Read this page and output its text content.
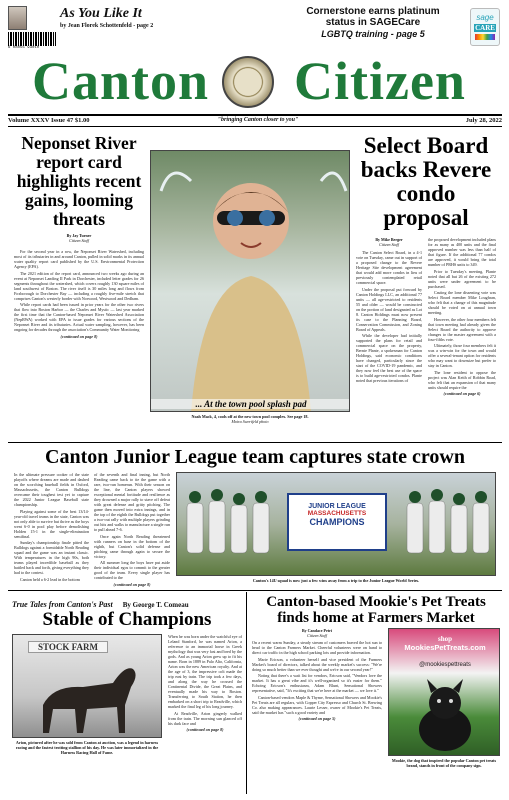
As You Like It
by Jean Florek Schottenfeld - page 2
6 08055 93010
Cornerstone earns platinum
status in SAGECare
LGBTQ training - page 5
sage
CARE
Canton Citizen
Volume XXXV Issue 47 $1.00	"bringing Canton closer to you"	July 28, 2022
Neponset River report card highlights recent gains, looming threats
By Jay Turner
Citizen Staff

For the second year in a row, the Neponset River Watershed, including most of its tributaries in and around Canton, pulled in solid marks in its annual water quality report card published by the U.S. Environmental Protection Agency (EPA).

The 2021 edition of the report card, announced two weeks ago during an event at Neponset Landing II Park in Dorchester, included letter grades for 26 segments throughout the watershed, which covers roughly 130 square miles of land southwest of Boston. The river itself is 30 miles long and flows from Foxborough to Dorchester Bay — including a roughly five-mile stretch that comprises Canton's westerly border with Norwood, Westwood and Dedham.

While report cards had been issued in prior years for the other two rivers that flow into Boston Harbor — the Charles and Mystic — last year marked the first time that the Canton-based Neponset River Watershed Association (NepRWA) worked with EPA to issue grades for various sections of the Neponset River and its tributaries. Actual water sampling, however, has been ongoing for decades through the association's Community Water Monitoring

(continued on page 8)
... At the town pool splash pad
Noah Mack, 4, cools off at the new town pool complex. See page 18.
Moira Swertfeld photo
Select Board backs Revere condo proposal
By Mike Berger
Citizen Staff

The Canton Select Board, in a 4-1 vote on Tuesday, came out in support of a proposed change to the Revere Heritage Site development agreement that would add more condos in lieu of previously contemplated retail commercial space.

Under the proposal put forward by Canton Holdings LLC, an additional 77 units — all age-restricted to residents 55 and older — would be constructed on the portion of land designated as Lot 8. Canton Holdings must now present its case to the Planning Board, Conservation Commission, and Zoning Board of Appeals.

While the developer had initially supported the plans for retail and commercial space on the property, Bernie Plante, a spokesman for Canton Holdings, said economic conditions have changed, particularly since the start of the COVID-19 pandemic, and they now feel the best use of the space is to build age-restricted condos. Plante noted that previous iterations of

the proposed development included plans for as many as 400 units and the final approved number was less than half of that figure. If the additional 77 condos are approved, it would bring the total number of PRHS units to 349.

Prior to Tuesday's meeting, Plante noted that all but 26 of the existing 272 units were under agreement to be purchased.

Casting the lone dissenting vote was Select Board member Mike Loughran, who felt that a change of this magnitude should be voted on at annual town meeting.

However, the other four members felt that town meeting had already given the Select Board the authority to approve changes to the master agreement with a four-fifths vote.

Ultimately, those four members felt it was a win-win for the town and would offer a several-tenant option for residents who may want to downsize but prefer to stay in Canton.

The lone resident to oppose the project was Alan Keith of Robbin Road, who felt that an expansion of that many units should require the

(continued on page 6)
Canton Junior League team captures state crown

In the ultimate pressure cooker of the state playoffs where dreams are made and dashed on the scorching baseball fields in Oxford, Massachusetts, the Canton Bulldogs overcame their toughest test yet to capture the 2022 Junior League Baseball state championship.

Playing against some of the best 13/14-year-old travel teams in the state, Canton was not only able to survive but thrive as the boys went 6-0 in pool play before demolishing Holden 15-1 in the single-elimination semifinal.

Sunday's championship finale pitted the Bulldogs against a formidable North Reading squad and the game was an instant classic. With temperatures in the high 90s, both teams played incredible baseball as they battled back and forth, giving everything they had to the contest.

Canton held a 6-2 lead in the bottom

of the seventh and final inning, but North Reading came back to tie the game with a rare, two-run homerun. With their season on the line, the Canton players showed exceptional mental fortitude and resilience as they drowned a major rally to stave off defeat with great defense and gritty pitching. The game then moved into extra innings, and in the top of the eighth the Bulldogs put together a two-out rally with multiple players grinding out hits and walks to manufacture a single run to pull ahead 7-6.

Once again North Reading threatened with runners on base in the bottom of the eighth, but Canton's solid defense and pitching came through again to secure the victory.

All summer long the boys have put aside their individual egos to commit to the greater good of the team. Every single player has contributed to the

(continued on page 8)
JUNIOR LEAGUE
MASSACHUSETTS
CHAMPIONS
Canton's 14U squad is now just a few wins away from a trip to the Junior League World Series.
True Tales from Canton's Past By George T. Comeau
Stable of Champions
STOCK FARM
Arion, pictured after he was sold from Canton at auction, was a legend in harness racing and the fastest trotting stallion of his day. He was later immortalized in the Harness Racing Hall of Fame.

When he was born under the watchful eye of Leland Stanford, he was named Arion, a reference to an immortal horse in Greek mythology that was very fast and bred by the gods. And as young Arion grew up to fit his name. Born in 1889 in Palo Alto, California, Arion was the new American royalty. And at the age of 3, the impressive colt made the trip east by train. The trip took a few days, and along the way he crossed the Continental Divide, the Great Plains, and eventually made his way to Boston. Transferring to South Station, he then embarked on a short trip to Readville, which marked the final leg of his long journey.

At Readville, Arion gingerly walked from the train. The morning sun glanced off his dark face and

(continued on page 8)
Canton-based Mookie's Pet Treats finds home at Farmers Market
By Candace Petri
Citizen Staff

On a recent warm Sunday, a steady stream of customers braved the hot sun to head to the Canton Farmers Market. Cheerful volunteers were on hand to direct car traffic in the high school parking lots and provide information.

Marie Ericson, a volunteer herself and vice president of the Farmers Market's board of directors, talked about the weekly market's success: "We're doing so much better than we ever thought and we're in our second year!"

Noting that there's a wait list for vendors, Ericson said, "Vendors love the market. It has a great vibe and it's well-organized so it's easier for them." Echoing Ericson's enthusiasm, Adam Blunt, Sensational Showers representative, said, "It's exciting that we're here at the market — we love it."

Canton-based vendors Maple & Thyme, Sensational Showers and Mookie's Pet Treats are all regulars, with Copper City Espresso and Church St. Brewing Co. also making appearances. Laurie Lesser, owner of Mookie's Pet Treats, said the market has "such a good variety and

(continued on page 5)
shop
MookiesPetTreats.com
@mookiespettreats
Mookie, the dog that inspired the popular Canton pet treats brand, stands in front of the company sign.
